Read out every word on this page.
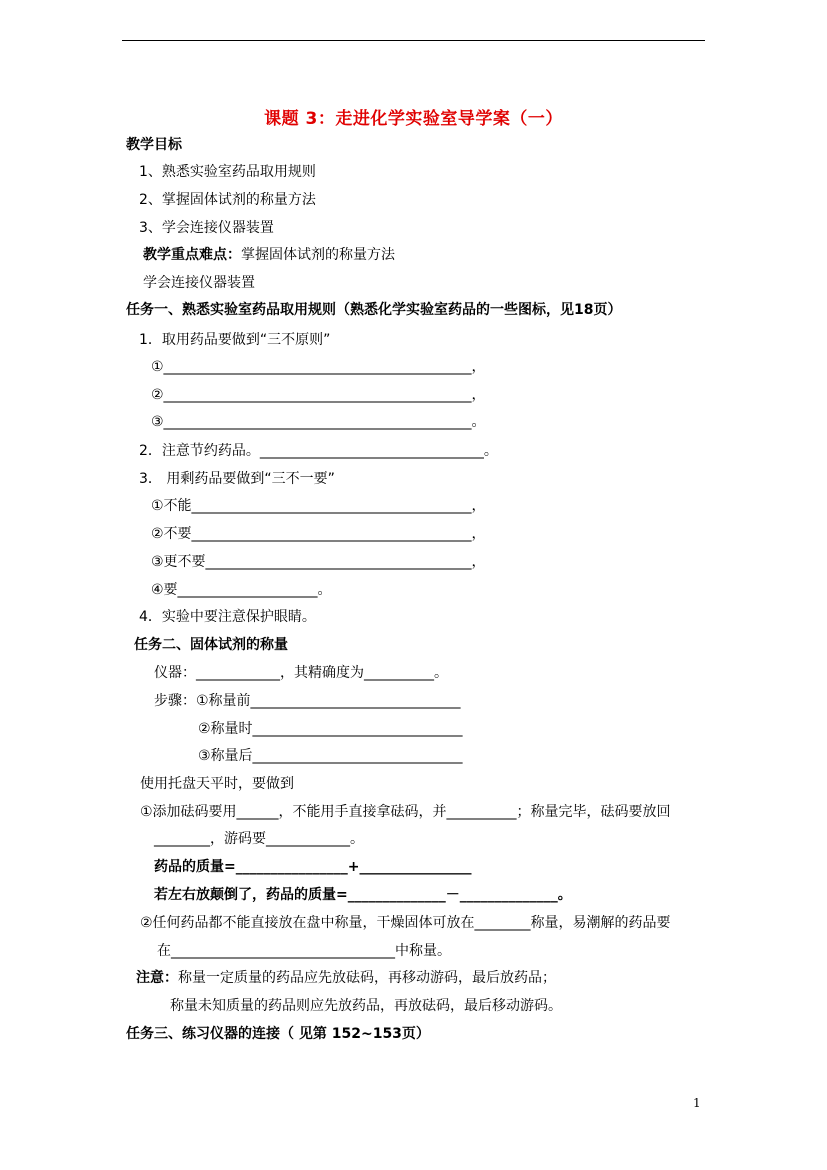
课题 3：走进化学实验室导学案（一）
教学目标
1、熟悉实验室药品取用规则
2、掌握固体试剂的称量方法
3、学会连接仪器装置
教学重点难点：掌握固体试剂的称量方法
学会连接仪器装置
任务一、熟悉实验室药品取用规则（熟悉化学实验室药品的一些图标，见18页）
1．取用药品要做到“三不原则”
①____________________________________________，
②____________________________________________，
③____________________________________________。
2．注意节约药品。________________________________。
3． 用剩药品要做到“三不一要”
①不能________________________________________，
②不要________________________________________，
③更不要______________________________________，
④要____________________。
4．实验中要注意保护眼睛。
任务二、固体试剂的称量
仪器：____________，其精确度为__________。
步骤：①称量前______________________________
②称量时______________________________
③称量后______________________________
使用托盘天平时，要做到
①添加砝码要用______，不能用手直接拿砝码，并__________；称量完毕，砝码要放回
________，游码要____________。
药品的质量=________________+________________
若左右放颠倒了，药品的质量=______________－______________。
②任何药品都不能直接放在盘中称量，干燥固体可放在________称量，易潮解的药品要
在________________________________中称量。
注意：称量一定质量的药品应先放砝码，再移动游码，最后放药品；
称量未知质量的药品则应先放药品，再放砝码，最后移动游码。
任务三、练习仪器的连接（ 见第 152~153页）
1
